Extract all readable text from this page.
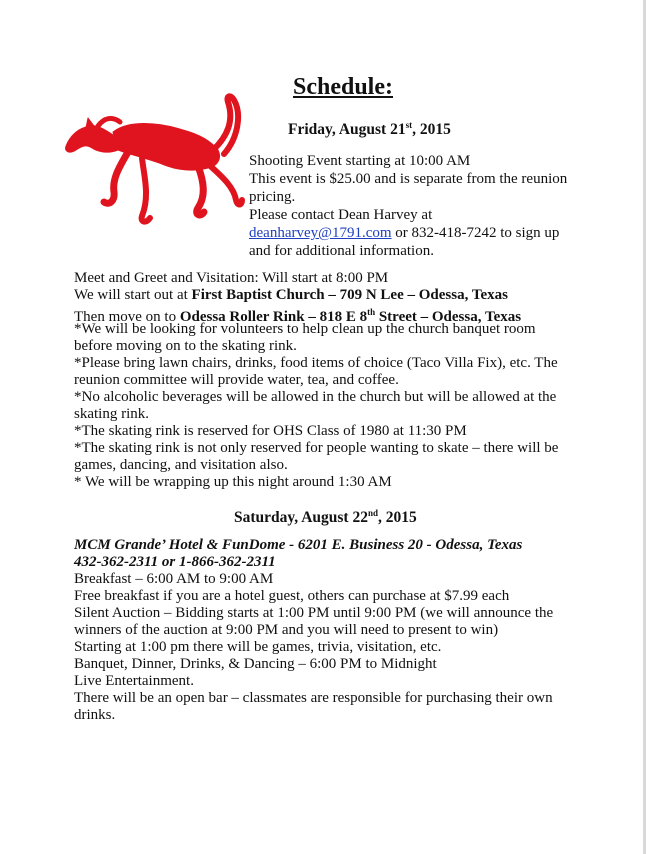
Schedule:
Friday, August 21st, 2015
Shooting Event starting at 10:00 AM
This event is $25.00 and is separate from the reunion
pricing.
Please contact Dean Harvey at
deanharvey@1791.com or 832-418-7242 to sign up
and for additional information.
Meet and Greet and Visitation: Will start at 8:00 PM
We will start out at First Baptist Church – 709 N Lee – Odessa, Texas
Then move on to Odessa Roller Rink – 818 E 8th Street – Odessa, Texas
*We will be looking for volunteers to help clean up the church banquet room
before moving on to the skating rink.
*Please bring lawn chairs, drinks, food items of choice (Taco Villa Fix), etc. The
reunion committee will provide water, tea, and coffee.
*No alcoholic beverages will be allowed in the church but will be allowed at the
skating rink.
*The skating rink is reserved for OHS Class of 1980 at 11:30 PM
*The skating rink is not only reserved for people wanting to skate – there will be
games, dancing, and visitation also.
* We will be wrapping up this night around 1:30 AM
Saturday, August 22nd, 2015
MCM Grande’ Hotel & FunDome - 6201 E. Business 20 - Odessa, Texas
432-362-2311 or 1-866-362-2311
Breakfast – 6:00 AM to 9:00 AM
Free breakfast if you are a hotel guest, others can purchase at $7.99 each
Silent Auction – Bidding starts at 1:00 PM until 9:00 PM (we will announce the
winners of the auction at 9:00 PM and you will need to present to win)
Starting at 1:00 pm there will be games, trivia, visitation, etc.
Banquet, Dinner, Drinks, & Dancing – 6:00 PM to Midnight
Live Entertainment.
There will be an open bar – classmates are responsible for purchasing their own
drinks.
